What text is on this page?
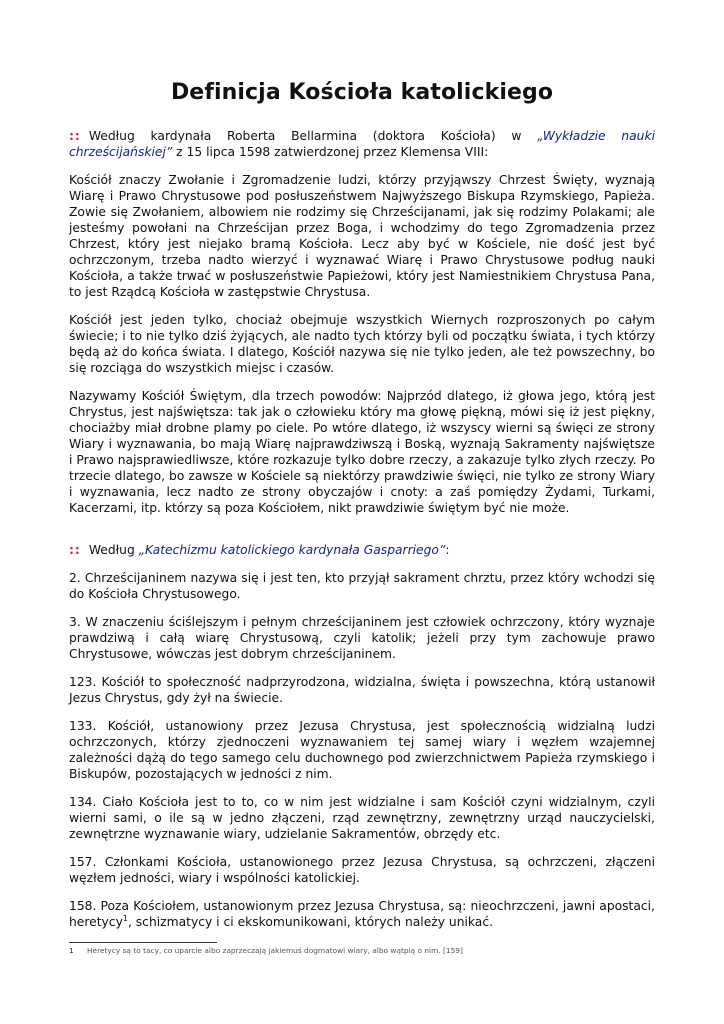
Definicja Kościoła katolickiego

:: Według kardynała Roberta Bellarmina (doktora Kościoła) w „Wykładzie nauki chrześcijańskiej” z 15 lipca 1598 zatwierdzonej przez Klemensa VIII:

Kościół znaczy Zwołanie i Zgromadzenie ludzi, którzy przyjąwszy Chrzest Święty, wyznają Wiarę i Prawo Chrystusowe pod posłuszeństwem Najwyższego Biskupa Rzymskiego, Papieża. Zowie się Zwołaniem, albowiem nie rodzimy się Chrześcijanami, jak się rodzimy Polakami; ale jesteśmy powołani na Chrześcijan przez Boga, i wchodzimy do tego Zgromadzenia przez Chrzest, który jest niejako bramą Kościoła. Lecz aby być w Kościele, nie dość jest być ochrzczonym, trzeba nadto wierzyć i wyznawać Wiarę i Prawo Chrystusowe podług nauki Kościoła, a także trwać w posłuszeństwie Papieżowi, który jest Namiestnikiem Chrystusa Pana, to jest Rządcą Kościoła w zastępstwie Chrystusa.

Kościół jest jeden tylko, chociaż obejmuje wszystkich Wiernych rozproszonych po całym świecie; i to nie tylko dziś żyjących, ale nadto tych którzy byli od początku świata, i tych którzy będą aż do końca świata. I dlatego, Kościół nazywa się nie tylko jeden, ale też powszechny, bo się rozciąga do wszystkich miejsc i czasów.

Nazywamy Kościół Świętym, dla trzech powodów: Najprzód dlatego, iż głowa jego, którą jest Chrystus, jest najświętsza: tak jak o człowieku który ma głowę piękną, mówi się iż jest piękny, chociażby miał drobne plamy po ciele. Po wtóre dlatego, iż wszyscy wierni są święci ze strony Wiary i wyznawania, bo mają Wiarę najprawdziwszą i Boską, wyznają Sakramenty najświętsze i Prawo najsprawiedliwsze, które rozkazuje tylko dobre rzeczy, a zakazuje tylko złych rzeczy. Po trzecie dlatego, bo zawsze w Kościele są niektórzy prawdziwie święci, nie tylko ze strony Wiary i wyznawania, lecz nadto ze strony obyczajów i cnoty: a zaś pomiędzy Żydami, Turkami, Kacerzami, itp. którzy są poza Kościołem, nikt prawdziwie świętym być nie może.

:: Według „Katechizmu katolickiego kardynała Gasparriego”:

2. Chrześcijaninem nazywa się i jest ten, kto przyjął sakrament chrztu, przez który wchodzi się do Kościoła Chrystusowego.

3. W znaczeniu ściślejszym i pełnym chrześcijaninem jest człowiek ochrzczony, który wyznaje prawdziwą i całą wiarę Chrystusową, czyli katolik; jeżeli przy tym zachowuje prawo Chrystusowe, wówczas jest dobrym chrześcijaninem.

123. Kościół to społeczność nadprzyrodzona, widzialna, święta i powszechna, którą ustanowił Jezus Chrystus, gdy żył na świecie.

133. Kościół, ustanowiony przez Jezusa Chrystusa, jest społecznością widzialną ludzi ochrzczonych, którzy zjednoczeni wyznawaniem tej samej wiary i węzłem wzajemnej zależności dążą do tego samego celu duchownego pod zwierzchnictwem Papieża rzymskiego i Biskupów, pozostających w jedności z nim.

134. Ciało Kościoła jest to to, co w nim jest widzialne i sam Kościół czyni widzialnym, czyli wierni sami, o ile są w jedno złączeni, rząd zewnętrzny, zewnętrzny urząd nauczycielski, zewnętrzne wyznawanie wiary, udzielanie Sakramentów, obrzędy etc.

157. Członkami Kościoła, ustanowionego przez Jezusa Chrystusa, są ochrzczeni, złączeni węzłem jedności, wiary i wspólności katolickiej.

158. Poza Kościołem, ustanowionym przez Jezusa Chrystusa, są: nieochrzczeni, jawni apostaci, heretycy$^1$, schizmatycy i ci ekskomunikowani, których należy unikać.

1 Heretycy są to tacy, co uparcie albo zaprzeczają jakiemuś dogmatowi wiary, albo wątpią o nim. [159]
